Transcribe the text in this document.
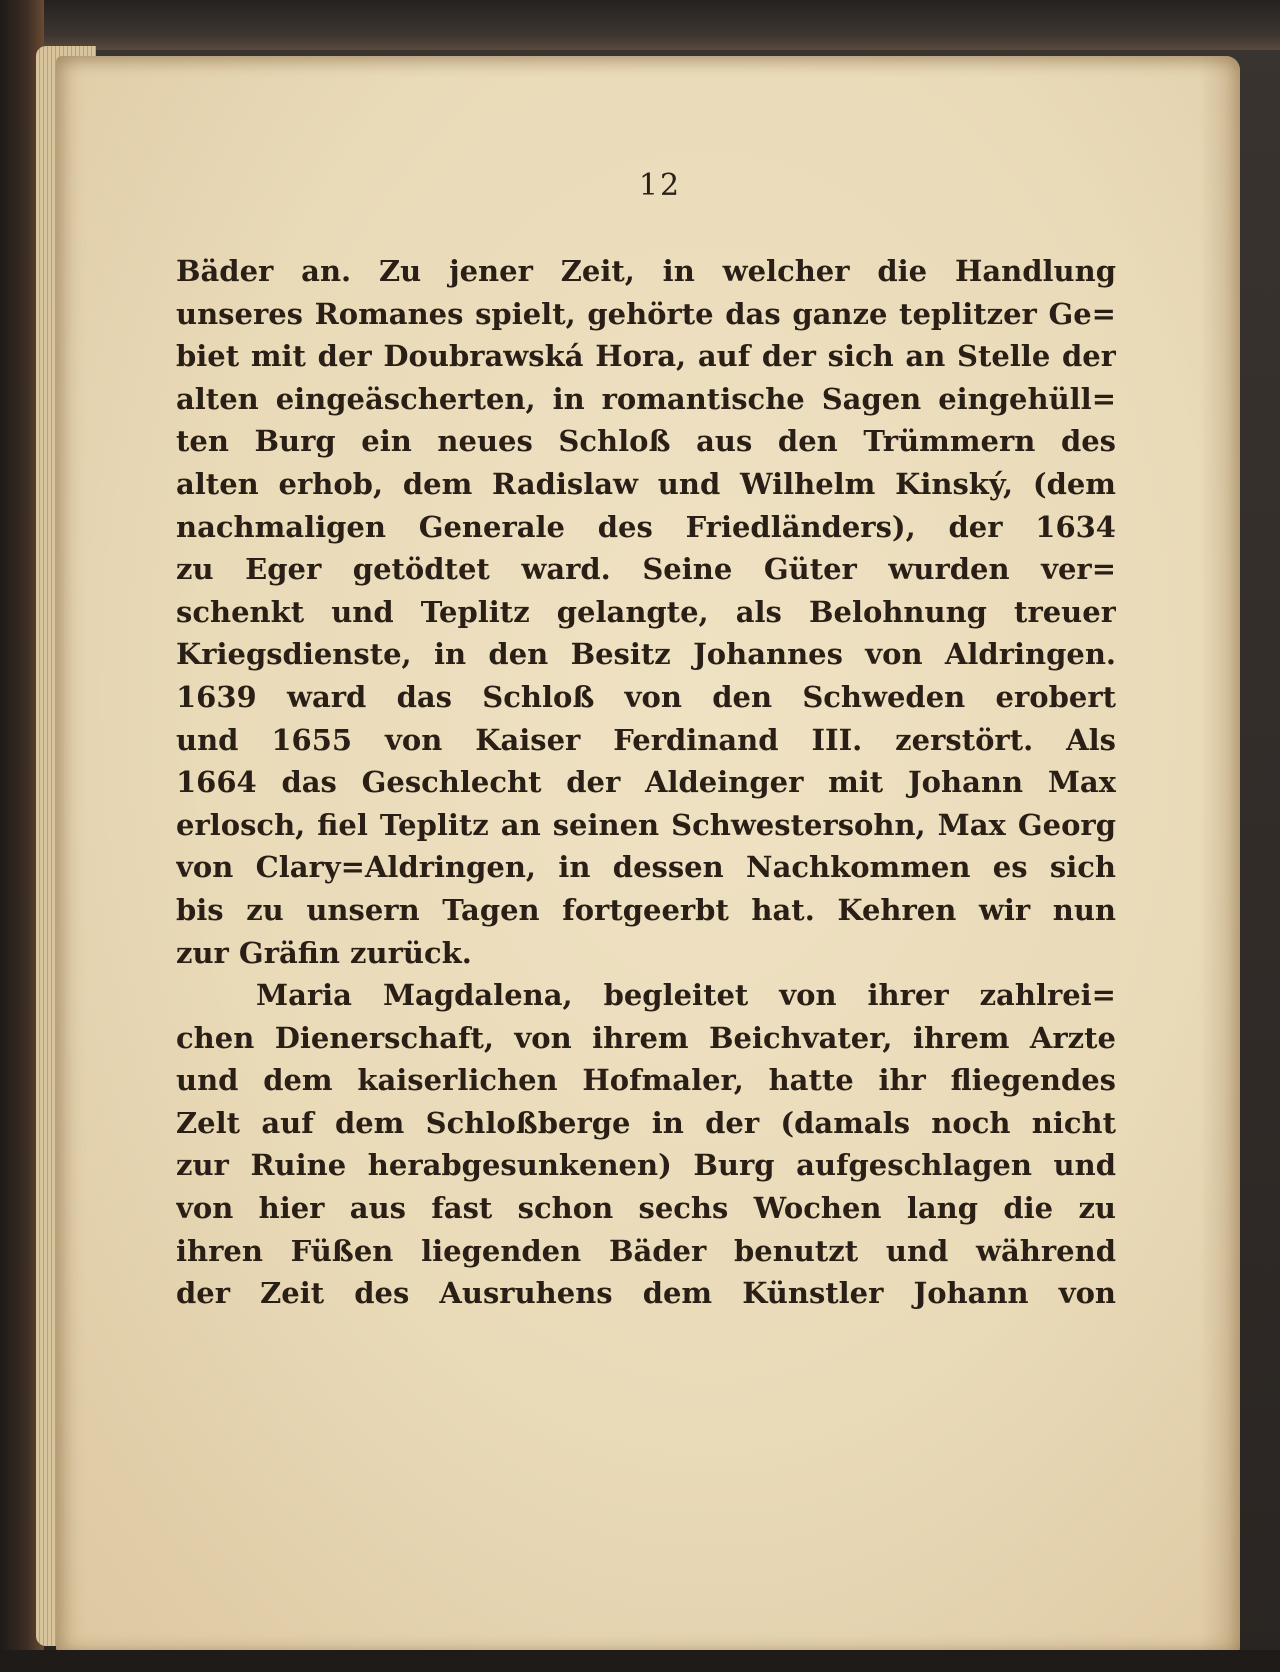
12
Bäder an. Zu jener Zeit, in welcher die Handlung
unseres Romanes spielt, gehörte das ganze teplitzer Ge=
biet mit der Doubrawská Hora, auf der sich an Stelle der
alten eingeäscherten, in romantische Sagen eingehüll=
ten Burg ein neues Schloß aus den Trümmern des
alten erhob, dem Radislaw und Wilhelm Kinský, (dem
nachmaligen Generale des Friedländers), der 1634
zu Eger getödtet ward. Seine Güter wurden ver=
schenkt und Teplitz gelangte, als Belohnung treuer
Kriegsdienste, in den Besitz Johannes von Aldringen.
1639 ward das Schloß von den Schweden erobert
und 1655 von Kaiser Ferdinand III. zerstört. Als
1664 das Geschlecht der Aldeinger mit Johann Max
erlosch, fiel Teplitz an seinen Schwestersohn, Max Georg
von Clary=Aldringen, in dessen Nachkommen es sich
bis zu unsern Tagen fortgeerbt hat. Kehren wir nun
zur Gräfin zurück.
Maria Magdalena, begleitet von ihrer zahlrei=
chen Dienerschaft, von ihrem Beichvater, ihrem Arzte
und dem kaiserlichen Hofmaler, hatte ihr fliegendes
Zelt auf dem Schloßberge in der (damals noch nicht
zur Ruine herabgesunkenen) Burg aufgeschlagen und
von hier aus fast schon sechs Wochen lang die zu
ihren Füßen liegenden Bäder benutzt und während
der Zeit des Ausruhens dem Künstler Johann von
